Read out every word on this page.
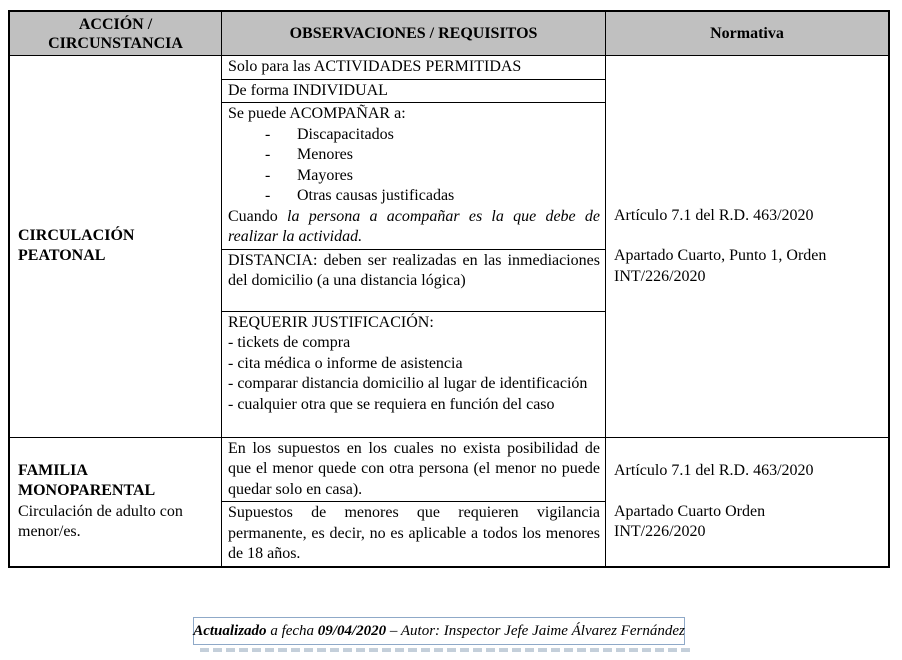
ACCIÓN / CIRCUNSTANCIA
OBSERVACIONES / REQUISITOS	Normativa
CIRCULACIÓN PEATONAL
Solo para las ACTIVIDADES PERMITIDAS
De forma INDIVIDUAL
Se puede ACOMPAÑAR a:
- Discapacitados
- Menores
- Mayores
- Otras causas justificadas
Cuando la persona a acompañar es la que debe de realizar la actividad.
DISTANCIA: deben ser realizadas en las inmediaciones del domicilio (a una distancia lógica)
REQUERIR JUSTIFICACIÓN:
- tickets de compra
- cita médica o informe de asistencia
- comparar distancia domicilio al lugar de identificación
- cualquier otra que se requiera en función del caso
Artículo 7.1 del R.D. 463/2020
Apartado Cuarto, Punto 1, Orden INT/226/2020
FAMILIA MONOPARENTAL
Circulación de adulto con menor/es.
En los supuestos en los cuales no exista posibilidad de que el menor quede con otra persona (el menor no puede quedar solo en casa).
Supuestos de menores que requieren vigilancia permanente, es decir, no es aplicable a todos los menores de 18 años.
Artículo 7.1 del R.D. 463/2020
Apartado Cuarto Orden INT/226/2020
Actualizado a fecha 09/04/2020 – Autor: Inspector Jefe Jaime Álvarez Fernández
